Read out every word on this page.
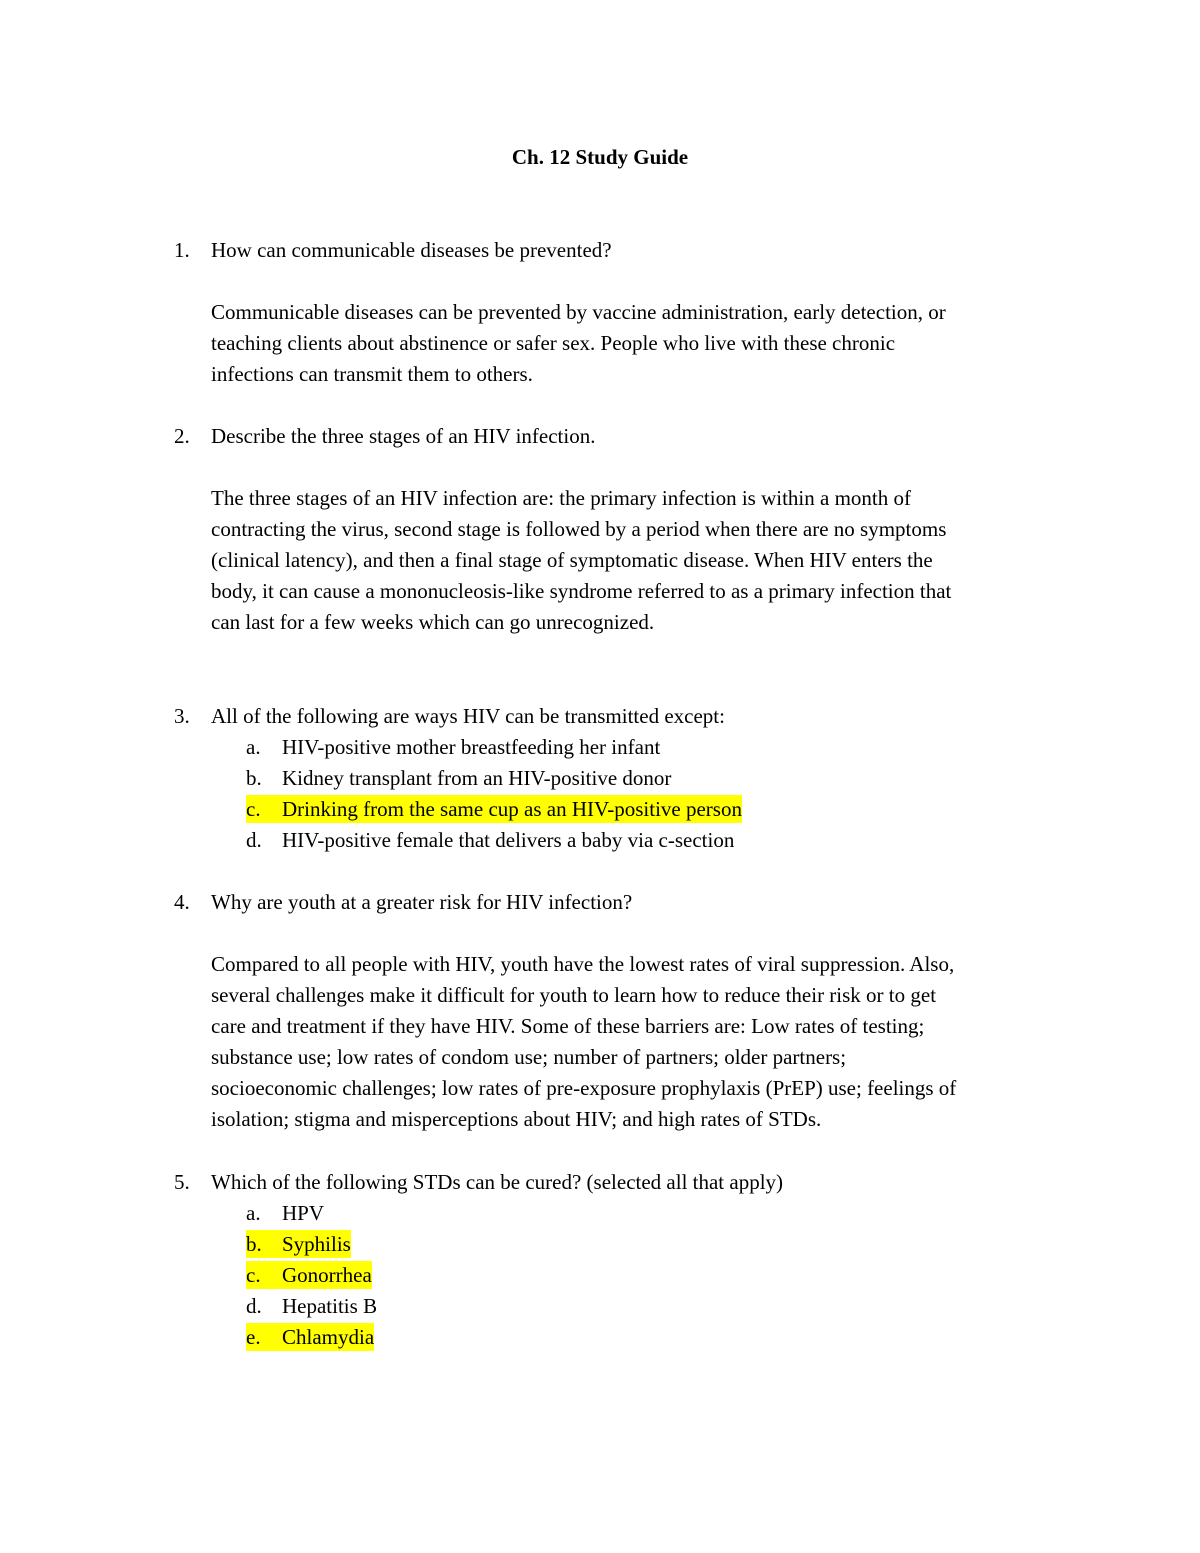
Ch. 12 Study Guide
1. How can communicable diseases be prevented?
Communicable diseases can be prevented by vaccine administration, early detection, or
teaching clients about abstinence or safer sex. People who live with these chronic
infections can transmit them to others.
2. Describe the three stages of an HIV infection.
The three stages of an HIV infection are: the primary infection is within a month of
contracting the virus, second stage is followed by a period when there are no symptoms
(clinical latency), and then a final stage of symptomatic disease. When HIV enters the
body, it can cause a mononucleosis-like syndrome referred to as a primary infection that
can last for a few weeks which can go unrecognized.
3. All of the following are ways HIV can be transmitted except:
a. HIV-positive mother breastfeeding her infant
b. Kidney transplant from an HIV-positive donor
c. Drinking from the same cup as an HIV-positive person
d. HIV-positive female that delivers a baby via c-section
4. Why are youth at a greater risk for HIV infection?
Compared to all people with HIV, youth have the lowest rates of viral suppression. Also,
several challenges make it difficult for youth to learn how to reduce their risk or to get
care and treatment if they have HIV. Some of these barriers are: Low rates of testing;
substance use; low rates of condom use; number of partners; older partners;
socioeconomic challenges; low rates of pre-exposure prophylaxis (PrEP) use; feelings of
isolation; stigma and misperceptions about HIV; and high rates of STDs.
5. Which of the following STDs can be cured? (selected all that apply)
a. HPV
b. Syphilis
c. Gonorrhea
d. Hepatitis B
e. Chlamydia
